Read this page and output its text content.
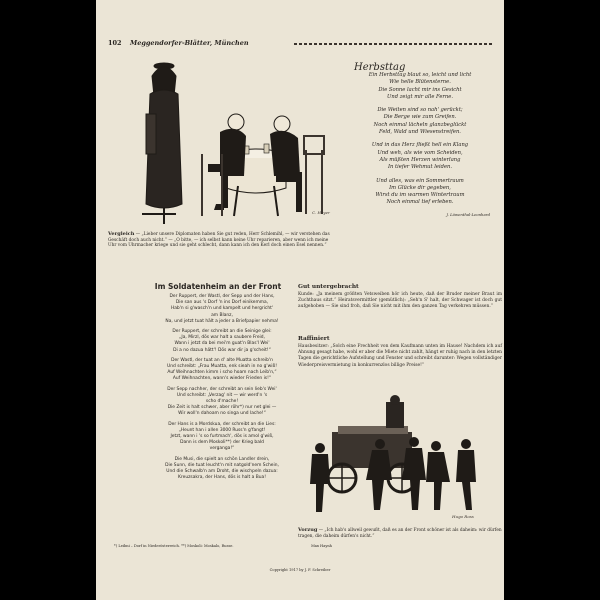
102 Meggendorfer-Blätter, München
C. Hoyer
Vergleich — „Lieber unsere Diplomaten haben Sie gut reden, Herr Schlemihl, — wir verstehen das Geschäft doch auch nicht.“ — „O bitte, — ich selbst kann keine Uhr reparieren, aber wenn ich meine Uhr vom Uhrmacher kriege und sie geht schlecht, dann kann ich den Kerl doch einen Esel nennen.“
Herbsttag
Ein Herbsttag blaut so, leicht und licht
Wie helle Blütensterne.
Die Sonne lacht mir ins Gesicht
Und zeigt mir alle Ferne.
Die Weiten sind so nah' gerückt;
Die Berge wie zum Greifen.
Noch einmal lächeln glanzbeglückt
Feld, Wald und Wiesenstreifen.
Und in das Herz fließt hell ein Klang
Und weh, als wie vom Scheiden,
Als müßten Herzen winterlang
In tiefer Wehmut leiden.
Und alles, was ein Sommertraum
Im Glücke dir gegeben,
Wirst du im warmen Wintertraum
Noch einmal tief erleben.
J. Löwenthal-Leonhard
Im Soldatenheim an der Front
Der Ruppert, der Wastl, der Sepp und der Hans,
Die san aus 's Dorf 'n ins Dorf einikemma,
Hab'n si g'wasch'n und kampelt und hergricht'
am Blanz,
Na, und jetzt tuat hält a jeder a Briefpapier nehma!
Der Ruppert, der schreibt an die Seinige glei:
„Ja, Mirzl, dös war halt a saubere Freid,
Wann i jetzt da bei mei'm guat'n Blas'l Wei'
Di a no dazua hätt'! Dös war dir ja g'scheit!“
Der Wastl, der tuat an d' alte Muatta schreib'n
Und schreibt: „Frau Muatta, enk sieah in no g'wiß!
Auf Weihnachten kimm i scho hoam nach Leib'n,“
Auf Weihnachten, wann's wieder Frieden is!“
Der Sepp nachher, der schreibt an sein lieb's Wei'
Und schreibt: „Verzag' nit — wir werd'n 's
scho d'mache!
Die Zeit is halt schwer, aber röhr*) nur net glei —
Wir woll'n dahoam no singa und lache!“
Der Hans is a Mordskua, der schreibt an die Lies:
„Heunt han i allen 3000 Russ'n g'fangt!
Jetzt, wann i 's so furtmach', dös is amol g'wiß,
Dann is dem Moskoli**) der Krieg bald
verganga!“
Die Musi, die spielt an schön Landler drein,
Die Sunn, die tuat leucht'n mit natgold'nem Schein,
Und die Schwalb'n am Droht, die wischpeln dazua:
Kreuzsakra, der Hans, dös is halt a Bua!
*) Leibni – Dorf in Niederösterreich. **) Moskoli: Moskalo, Russe.	Max Haynh
Gut untergebracht
Kunde: „Ja meinem größten Vetsweiben hör ich heute, daß der Bruder meiner Braut im Zuchthaus sitzt.“ Heiratsvermittler (gemütlich): „Seh'n S' halt, der Schwager ist doch gut aufgehoben — Sie sind froh, daß Sie nicht mit ihm den ganzen Tag verkehren müssen.“
Raffiniert
Hausbesitzer: „Solch eine Frechheit von dem Kaufmann unten im Hause! Nachdem ich auf Ahnung gesagt habe, wohl er aber die Miete nicht zahlt, hängt er ruhig nach in den letzten Tagen die gerichtliche Aufstellung und Fenster und schreibt darunter: Wegen vollständiger Wiederpreisvermietung in konkurrenzlos billige Preise!“
Hugo Ross
Vorzug — „Ich hab's allweil gewußt, daß es an der Front schöner ist als daheim: wir dürfen tragen, die daheim dürfen's nicht.“
Copyright 1917 by J. F. Schreiber
